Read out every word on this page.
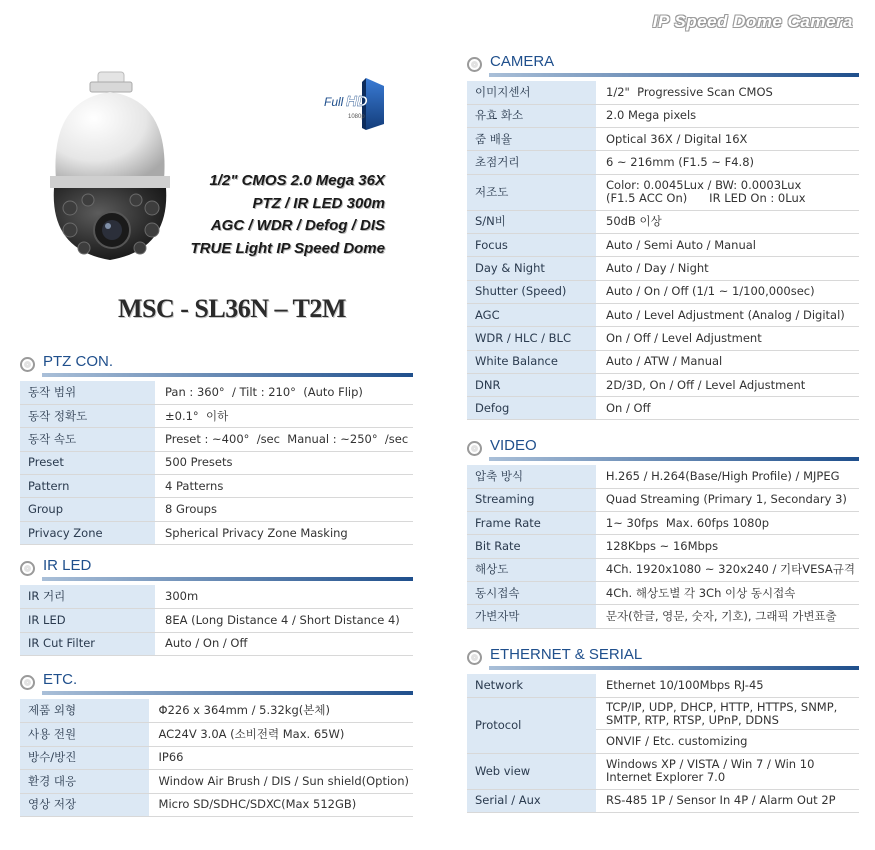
IP Speed Dome Camera
Full HD
1080p
1/2" CMOS 2.0 Mega 36X
PTZ / IR LED 300m
AGC / WDR / Defog / DIS
TRUE Light IP Speed Dome
MSC - SL36N – T2M
PTZ CON.
동작 범위	Pan : 360°  / Tilt : 210°  (Auto Flip)
동작 정확도	±0.1°  이하
동작 속도	Preset : ~400°  /sec  Manual : ~250°  /sec
Preset	500 Presets
Pattern	4 Patterns
Group	8 Groups
Privacy Zone	Spherical Privacy Zone Masking
IR LED
IR 거리	300m
IR LED	8EA (Long Distance 4 / Short Distance 4)
IR Cut Filter	Auto / On / Off
ETC.
제품 외형	Φ226 x 364mm / 5.32kg(본체)
사용 전원	AC24V 3.0A (소비전력 Max. 65W)
방수/방진	IP66
환경 대응	Window Air Brush / DIS / Sun shield(Option)
영상 저장	Micro SD/SDHC/SDXC(Max 512GB)
CAMERA
이미지센서	1/2"  Progressive Scan CMOS
유효 화소	2.0 Mega pixels
줌 배율	Optical 36X / Digital 16X
초점거리	6 ~ 216mm (F1.5 ~ F4.8)
저조도	Color: 0.0045Lux / BW: 0.0003Lux
(F1.5 ACC On)      IR LED On : 0Lux
S/N비	50dB 이상
Focus	Auto / Semi Auto / Manual
Day & Night	Auto / Day / Night
Shutter (Speed)	Auto / On / Off (1/1 ~ 1/100,000sec)
AGC	Auto / Level Adjustment (Analog / Digital)
WDR / HLC / BLC	On / Off / Level Adjustment
White Balance	Auto / ATW / Manual
DNR	2D/3D, On / Off / Level Adjustment
Defog	On / Off
VIDEO
압축 방식	H.265 / H.264(Base/High Profile) / MJPEG
Streaming	Quad Streaming (Primary 1, Secondary 3)
Frame Rate	1~ 30fps  Max. 60fps 1080p
Bit Rate	128Kbps ~ 16Mbps
해상도	4Ch. 1920x1080 ~ 320x240 / 기타VESA규격
동시접속	4Ch. 해상도별 각 3Ch 이상 동시접속
가변자막	문자(한글, 영문, 숫자, 기호), 그래픽 가변표출
ETHERNET & SERIAL
Network	Ethernet 10/100Mbps RJ-45
Protocol	TCP/IP, UDP, DHCP, HTTP, HTTPS, SNMP,
SMTP, RTP, RTSP, UPnP, DDNS
	ONVIF / Etc. customizing
Web view	Windows XP / VISTA / Win 7 / Win 10
Internet Explorer 7.0
Serial / Aux	RS-485 1P / Sensor In 4P / Alarm Out 2P
